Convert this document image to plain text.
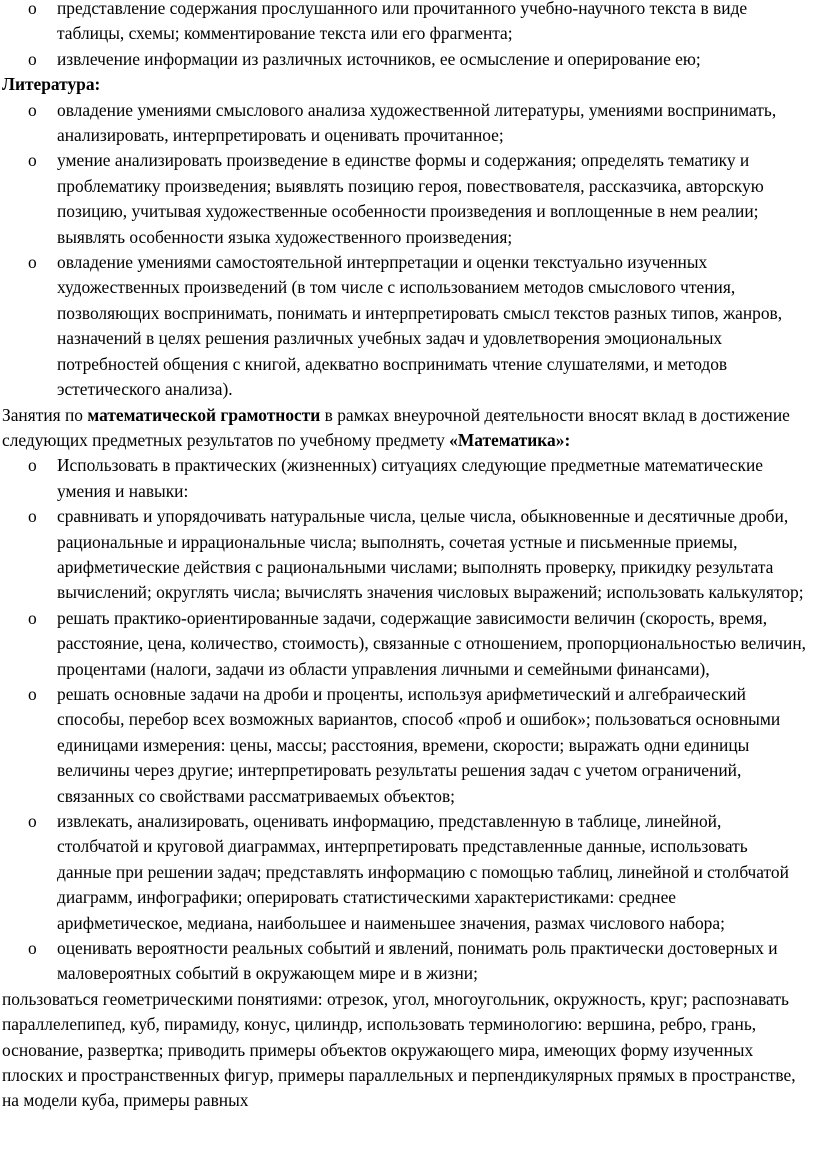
o представление содержания прослушанного или прочитанного учебно-научного текста в виде таблицы, схемы; комментирование текста или его фрагмента;
o извлечение информации из различных источников, ее осмысление и оперирование ею;

Литература:

o овладение умениями смыслового анализа художественной литературы, умениями воспринимать, анализировать, интерпретировать и оценивать прочитанное;
o умение анализировать произведение в единстве формы и содержания; определять тематику и проблематику произведения; выявлять позицию героя, повествователя, рассказчика, авторскую позицию, учитывая художественные особенности произведения и воплощенные в нем реалии; выявлять особенности языка художественного произведения;
o овладение умениями самостоятельной интерпретации и оценки текстуально изученных художественных произведений (в том числе с использованием методов смыслового чтения, позволяющих воспринимать, понимать и интерпретировать смысл текстов разных типов, жанров, назначений в целях решения различных учебных задач и удовлетворения эмоциональных потребностей общения с книгой, адекватно воспринимать чтение слушателями, и методов эстетического анализа).

Занятия по математической грамотности в рамках внеурочной деятельности вносят вклад в достижение следующих предметных результатов по учебному предмету «Математика»:

o Использовать в практических (жизненных) ситуациях следующие предметные математические умения и навыки:
o сравнивать и упорядочивать натуральные числа, целые числа, обыкновенные и десятичные дроби, рациональные и иррациональные числа; выполнять, сочетая устные и письменные приемы, арифметические действия с рациональными числами; выполнять проверку, прикидку результата вычислений; округлять числа; вычислять значения числовых выражений; использовать калькулятор;
o решать практико-ориентированные задачи, содержащие зависимости величин (скорость, время, расстояние, цена, количество, стоимость), связанные с отношением, пропорциональностью величин, процентами (налоги, задачи из области управления личными и семейными финансами),
o решать основные задачи на дроби и проценты, используя арифметический и алгебраический способы, перебор всех возможных вариантов, способ «проб и ошибок»; пользоваться основными единицами измерения: цены, массы; расстояния, времени, скорости; выражать одни единицы величины через другие; интерпретировать результаты решения задач с учетом ограничений, связанных со свойствами рассматриваемых объектов;
o извлекать, анализировать, оценивать информацию, представленную в таблице, линейной, столбчатой и круговой диаграммах, интерпретировать представленные данные, использовать данные при решении задач; представлять информацию с помощью таблиц, линейной и столбчатой диаграмм, инфографики; оперировать статистическими характеристиками: среднее арифметическое, медиана, наибольшее и наименьшее значения, размах числового набора;
o оценивать вероятности реальных событий и явлений, понимать роль практически достоверных и маловероятных событий в окружающем мире и в жизни;

пользоваться геометрическими понятиями: отрезок, угол, многоугольник, окружность, круг; распознавать параллелепипед, куб, пирамиду, конус, цилиндр, использовать терминологию: вершина, ребро, грань, основание, развертка; приводить примеры объектов окружающего мира, имеющих форму изученных плоских и пространственных фигур, примеры параллельных и перпендикулярных прямых в пространстве, на модели куба, примеры равных
